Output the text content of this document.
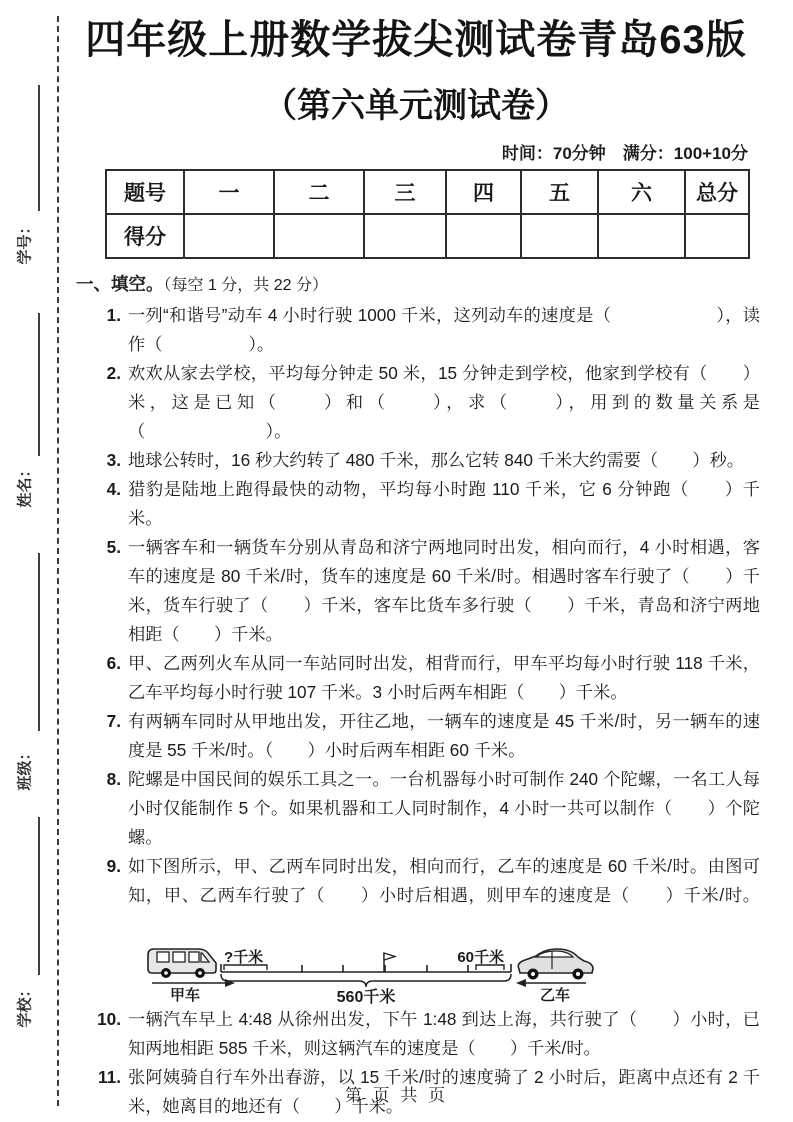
学号：
姓名：
班级：
学校：
四年级上册数学拔尖测试卷青岛63版
（第六单元测试卷）
时间：70分钟　满分：100+10分
题号	一	二	三	四	五	六	总分
得分							
一、填空。（每空 1 分，共 22 分）
1. 一列“和谐号”动车 4 小时行驶 1000 千米，这列动车的速度是（　　　　　　），读作（　　　　　）。
2. 欢欢从家去学校，平均每分钟走 50 米，15 分钟走到学校，他家到学校有（　　）米，这是已知（　　）和（　　），求（　　），用到的数量关系是（　　　　　　　）。
3. 地球公转时，16 秒大约转了 480 千米，那么它转 840 千米大约需要（　　）秒。
4. 猎豹是陆地上跑得最快的动物，平均每小时跑 110 千米，它 6 分钟跑（　　）千米。
5. 一辆客车和一辆货车分别从青岛和济宁两地同时出发，相向而行，4 小时相遇，客车的速度是 80 千米/时，货车的速度是 60 千米/时。相遇时客车行驶了（　　）千米，货车行驶了（　　）千米，客车比货车多行驶（　　）千米，青岛和济宁两地相距（　　）千米。
6. 甲、乙两列火车从同一车站同时出发，相背而行，甲车平均每小时行驶 118 千米，乙车平均每小时行驶 107 千米。3 小时后两车相距（　　）千米。
7. 有两辆车同时从甲地出发，开往乙地，一辆车的速度是 45 千米/时，另一辆车的速度是 55 千米/时。（　　）小时后两车相距 60 千米。
8. 陀螺是中国民间的娱乐工具之一。一台机器每小时可制作 240 个陀螺，一名工人每小时仅能制作 5 个。如果机器和工人同时制作，4 小时一共可以制作（　　）个陀螺。
9. 如下图所示，甲、乙两车同时出发，相向而行，乙车的速度是 60 千米/时。由图可知，甲、乙两车行驶了（　　）小时后相遇，则甲车的速度是（　　）千米/时。
甲车
?千米	60千米
560千米	乙车
10. 一辆汽车早上 4:48 从徐州出发，下午 1:48 到达上海，共行驶了（　　）小时，已知两地相距 585 千米，则这辆汽车的速度是（　　）千米/时。
11. 张阿姨骑自行车外出春游，以 15 千米/时的速度骑了 2 小时后，距离中点还有 2 千米，她离目的地还有（　　）千米。
第 页 共 页
